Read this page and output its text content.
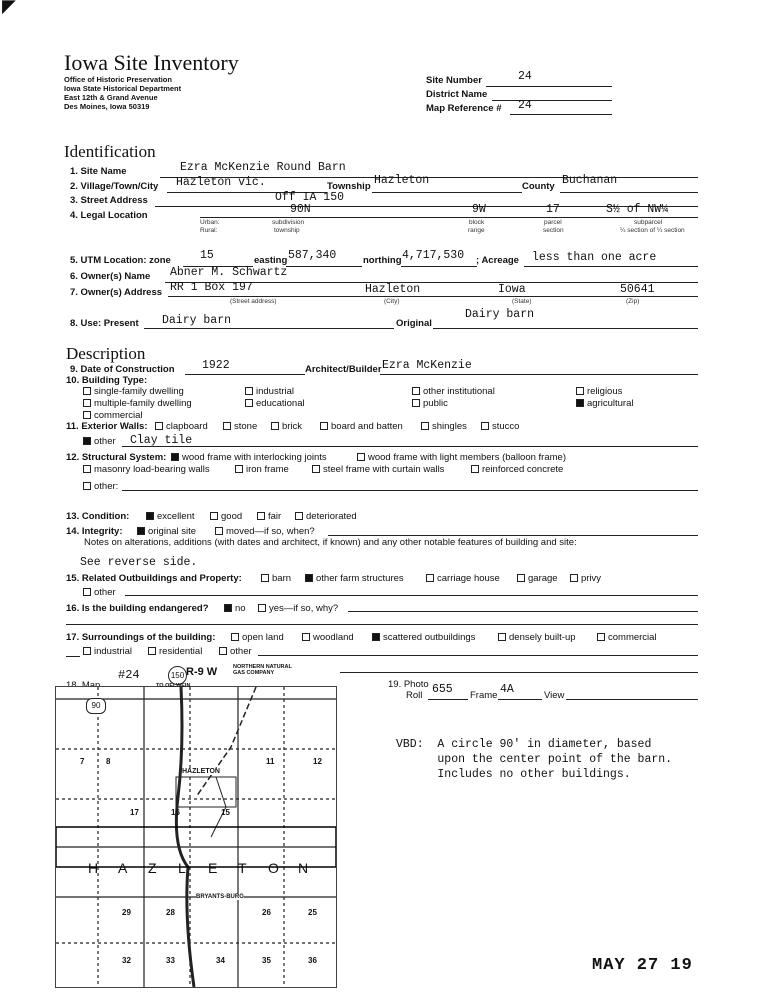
◤
Iowa Site Inventory
Office of Historic Preservation
Iowa State Historical Department
East 12th & Grand Avenue
Des Moines, Iowa 50319
Site Number	24
District Name
Map Reference # 24
Identification
1. Site Name	Ezra McKenzie Round Barn
2. Village/Town/City Hazleton vic.	Township Hazleton	County Buchanan
3. Street Address	Off IA 150
4. Legal Location	90N	9W	17	S½ of NW¼
Urban:
Rural:
subdivision
township
block
range
parcel
section
subparcel
¼ section of ¼ section
5. UTM Location: zone	15	easting 587,340	northing 4,717,530 ; Acreage less than one acre
6. Owner(s) Name Abner M. Schwartz
7. Owner(s) Address RR 1 Box 197	Hazleton	Iowa	50641
(Street address)	(City)	(State)	(Zip)
8. Use: Present Dairy barn	Original
Dairy barn
Description
9. Date of Construction 1922	Architect/Builder Ezra McKenzie
10. Building Type:
single-family dwelling
multiple-family dwelling
commercial
industrial
educational
other institutional
public
religious
agricultural
11. Exterior Walls:	clapboard	stone	brick	board and batten	shingles	stucco
other Clay tile
12. Structural System:	wood frame with interlocking joints	wood frame with light members (balloon frame)
masonry load-bearing walls	iron frame	steel frame with curtain walls	reinforced concrete
other:
13. Condition:	excellent	good	fair	deteriorated
14. Integrity:	original site	moved—if so, when?
Notes on alterations, additions (with dates and architect, if known) and any other notable features of building and site:
See reverse side.
15. Related Outbuildings and Property:	barn	other farm structures	carriage house	garage	privy
other
16. Is the building endangered?	no	yes—if so, why?
17. Surroundings of the building:	open land	woodland	scattered outbuildings	densely built-up	commercial
industrial	residential	other
#24
90
7	8	11	12
HAZLETON
17	16	15
H A Z L E T O N
BRYANTS-BURG
29	28	26	25
32	33	34	35	36
150 R-9 W	NORTHERN NATURAL GAS COMPANY
TO OELWEIN	19. Photo
Roll 655 Frame 4A	View
VBD:  A circle 90' in diameter, based
upon the center point of the barn.
Includes no other buildings.
MAY 27 19
